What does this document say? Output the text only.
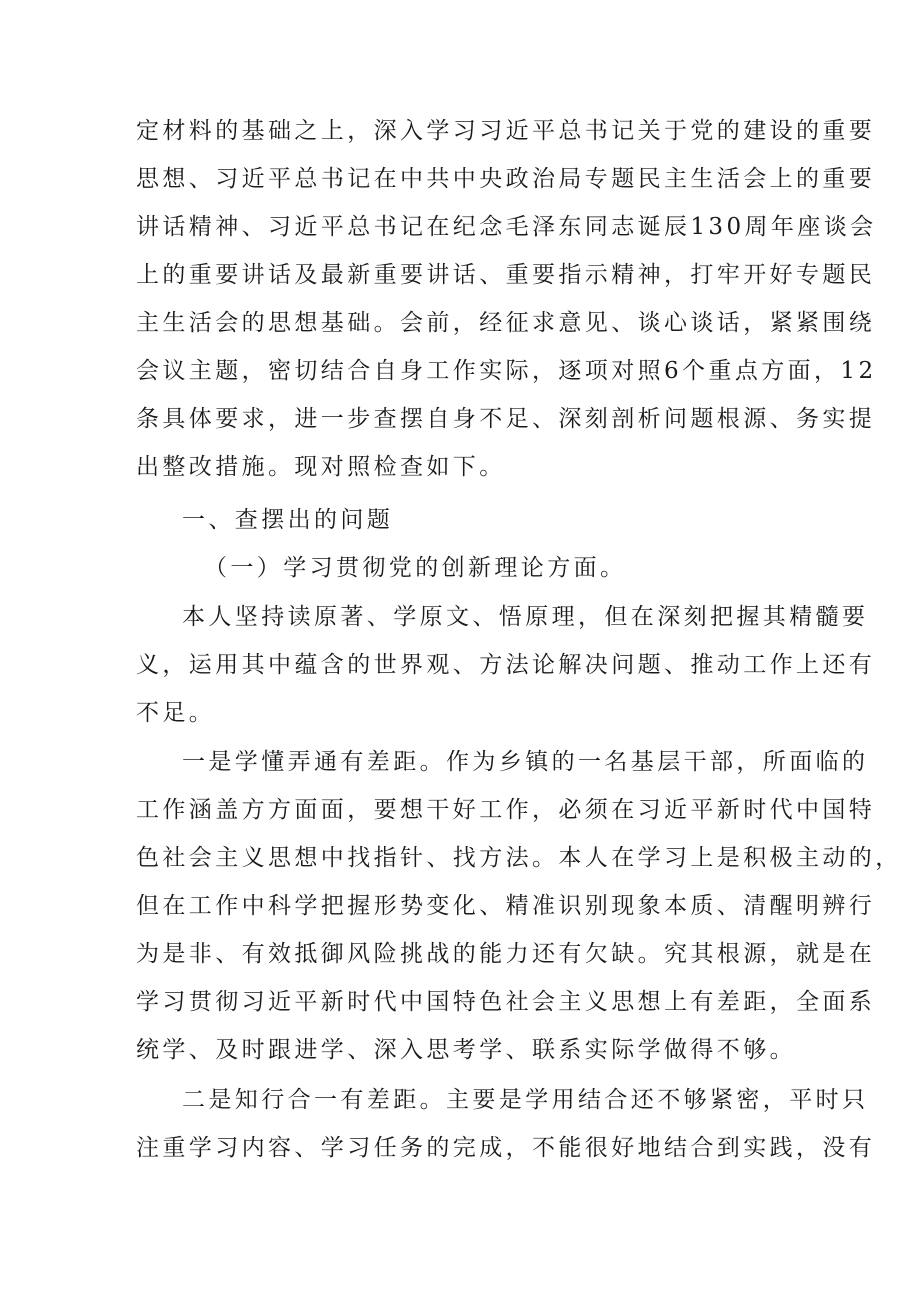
定材料的基础之上，深入学习习近平总书记关于党的建设的重要
思想、习近平总书记在中共中央政治局专题民主生活会上的重要
讲话精神、习近平总书记在纪念毛泽东同志诞辰130周年座谈会
上的重要讲话及最新重要讲话、重要指示精神，打牢开好专题民
主生活会的思想基础。会前，经征求意见、谈心谈话，紧紧围绕
会议主题，密切结合自身工作实际，逐项对照6个重点方面，12
条具体要求，进一步查摆自身不足、深刻剖析问题根源、务实提
出整改措施。现对照检查如下。
一、查摆出的问题
（一）学习贯彻党的创新理论方面。
本人坚持读原著、学原文、悟原理，但在深刻把握其精髓要
义，运用其中蕴含的世界观、方法论解决问题、推动工作上还有
不足。
一是学懂弄通有差距。作为乡镇的一名基层干部，所面临的
工作涵盖方方面面，要想干好工作，必须在习近平新时代中国特
色社会主义思想中找指针、找方法。本人在学习上是积极主动的，
但在工作中科学把握形势变化、精准识别现象本质、清醒明辨行
为是非、有效抵御风险挑战的能力还有欠缺。究其根源，就是在
学习贯彻习近平新时代中国特色社会主义思想上有差距，全面系
统学、及时跟进学、深入思考学、联系实际学做得不够。
二是知行合一有差距。主要是学用结合还不够紧密，平时只
注重学习内容、学习任务的完成，不能很好地结合到实践，没有
